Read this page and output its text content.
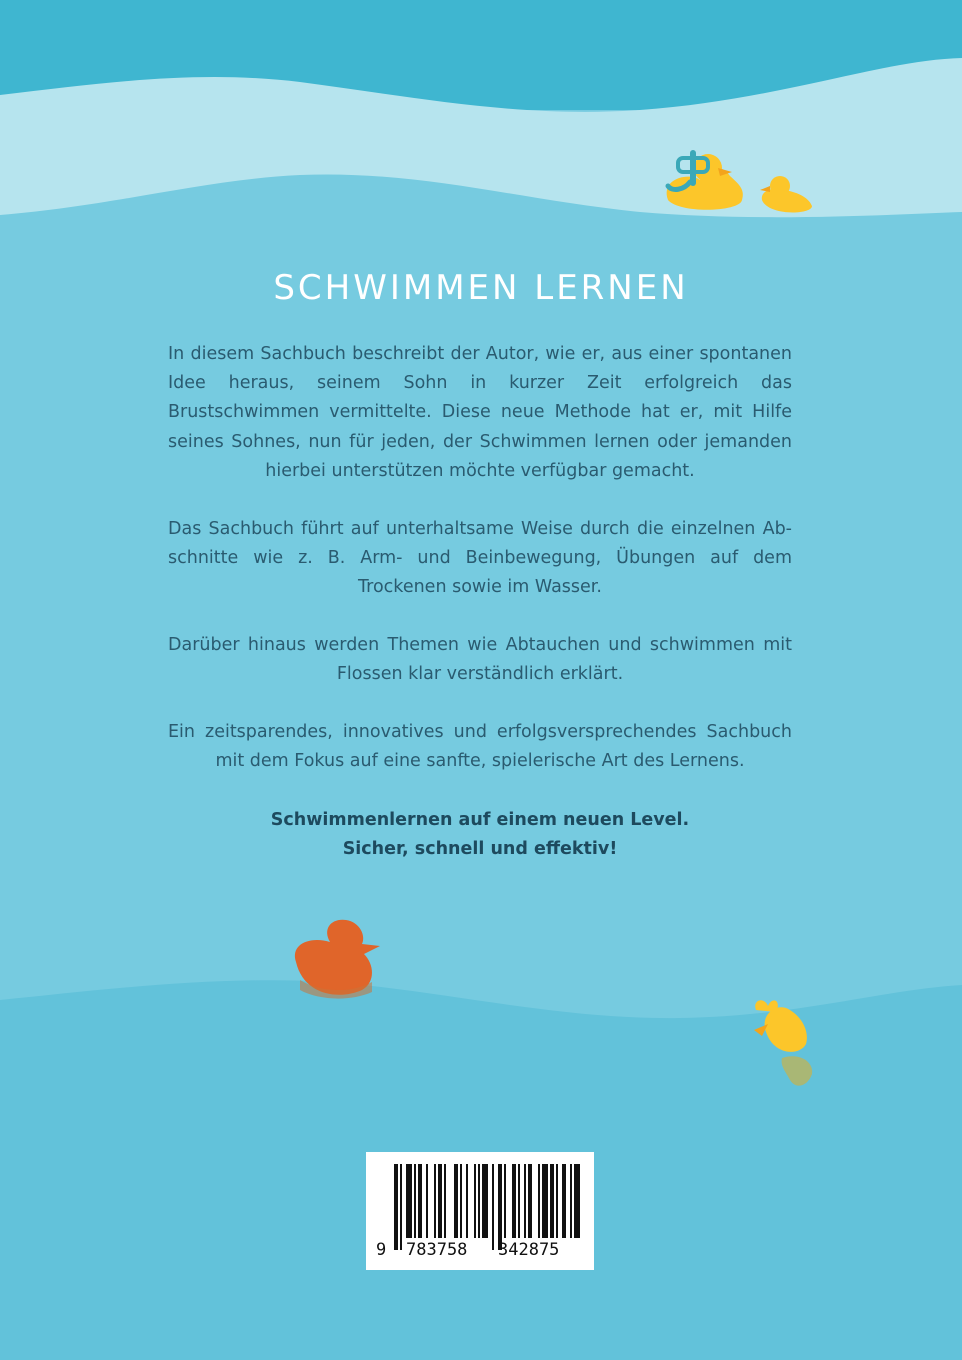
SCHWIMMEN LERNEN

In diesem Sachbuch beschreibt der Autor, wie er, aus einer spontanen Idee heraus, seinem Sohn in kurzer Zeit erfolgreich das Brustschwimmen vermittelte. Diese neue Methode hat er, mit Hilfe seines Sohnes, nun für jeden, der Schwimmen lernen oder jemanden hierbei unterstützen möchte verfügbar gemacht.

Das Sachbuch führt auf unterhaltsame Weise durch die einzelnen Abschnitte wie z. B. Arm- und Beinbewegung, Übungen auf dem Trockenen sowie im Wasser.

Darüber hinaus werden Themen wie Abtauchen und schwimmen mit Flossen klar verständlich erklärt.

Ein zeitsparendes, innovatives und erfolgsversprechendes Sachbuch mit dem Fokus auf eine sanfte, spielerische Art des Lernens.

Schwimmenlernen auf einem neuen Level.
Sicher, schnell und effektiv!
9 783758 342875
